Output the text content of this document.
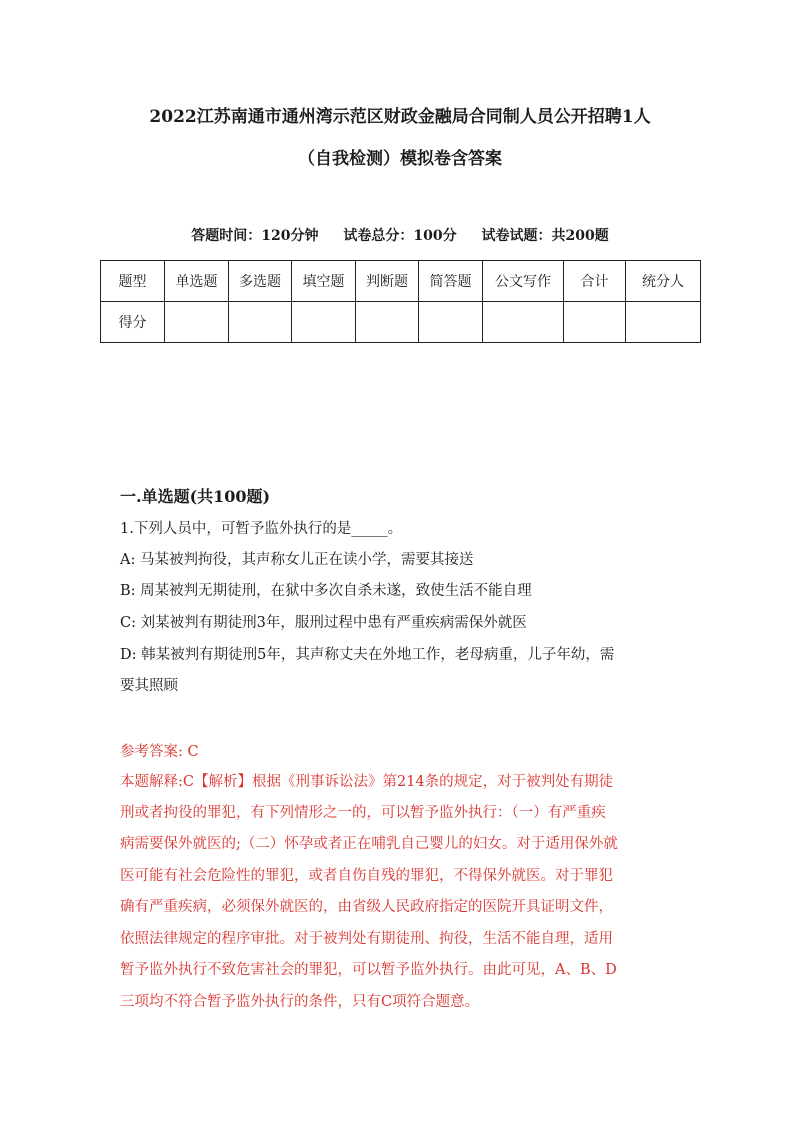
2022江苏南通市通州湾示范区财政金融局合同制人员公开招聘1人
（自我检测）模拟卷含答案
答题时间：120分钟 试卷总分：100分 试卷试题：共200题
题型	单选题	多选题	填空题	判断题	简答题	公文写作	合计	统分人
得分								
一.单选题(共100题)
1.下列人员中，可暂予监外执行的是_____。
A: 马某被判拘役，其声称女儿正在读小学，需要其接送
B: 周某被判无期徒刑，在狱中多次自杀未遂，致使生活不能自理
C: 刘某被判有期徒刑3年，服刑过程中患有严重疾病需保外就医
D: 韩某被判有期徒刑5年，其声称丈夫在外地工作，老母病重，儿子年幼，需
要其照顾
参考答案: C
本题解释:C【解析】根据《刑事诉讼法》第214条的规定，对于被判处有期徒
刑或者拘役的罪犯，有下列情形之一的，可以暂予监外执行：（一）有严重疾
病需要保外就医的;（二）怀孕或者正在哺乳自己婴儿的妇女。对于适用保外就
医可能有社会危险性的罪犯，或者自伤自残的罪犯，不得保外就医。对于罪犯
确有严重疾病，必须保外就医的，由省级人民政府指定的医院开具证明文件，
依照法律规定的程序审批。对于被判处有期徒刑、拘役，生活不能自理，适用
暂予监外执行不致危害社会的罪犯，可以暂予监外执行。由此可见，A、B、D
三项均不符合暂予监外执行的条件，只有C项符合题意。
